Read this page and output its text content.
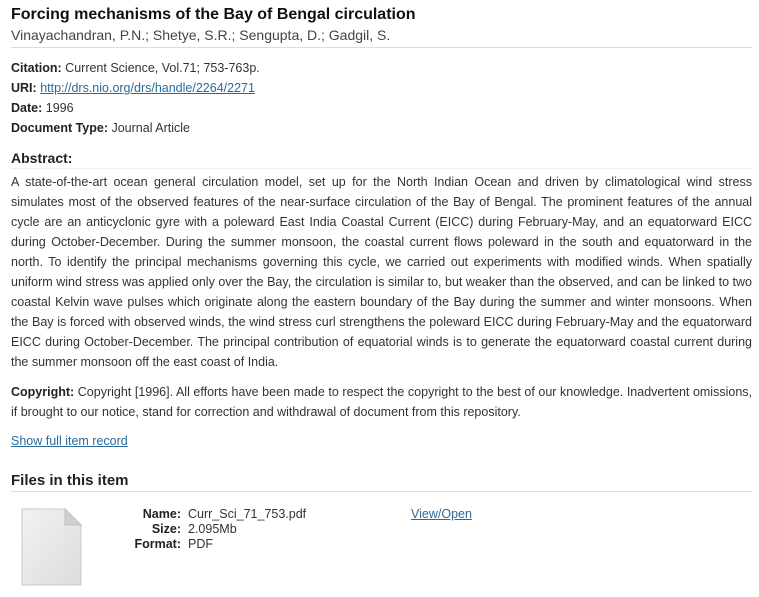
Forcing mechanisms of the Bay of Bengal circulation
Vinayachandran, P.N.; Shetye, S.R.; Sengupta, D.; Gadgil, S.
Citation: Current Science, Vol.71; 753-763p.
URI: http://drs.nio.org/drs/handle/2264/2271
Date: 1996
Document Type: Journal Article
Abstract:

A state-of-the-art ocean general circulation model, set up for the North Indian Ocean and driven by climatological wind stress simulates most of the observed features of the near-surface circulation of the Bay of Bengal. The prominent features of the annual cycle are an anticyclonic gyre with a poleward East India Coastal Current (EICC) during February-May, and an equatorward EICC during October-December. During the summer monsoon, the coastal current flows poleward in the south and equatorward in the north. To identify the principal mechanisms governing this cycle, we carried out experiments with modified winds. When spatially uniform wind stress was applied only over the Bay, the circulation is similar to, but weaker than the observed, and can be linked to two coastal Kelvin wave pulses which originate along the eastern boundary of the Bay during the summer and winter monsoons. When the Bay is forced with observed winds, the wind stress curl strengthens the poleward EICC during February-May and the equatorward EICC during October-December. The principal contribution of equatorial winds is to generate the equatorward coastal current during the summer monsoon off the east coast of India.

Copyright: Copyright [1996]. All efforts have been made to respect the copyright to the best of our knowledge. Inadvertent omissions, if brought to our notice, stand for correction and withdrawal of document from this repository.

Show full item record
Files in this item
Name: Curr_Sci_71_753.pdf
Size: 2.095Mb
Format: PDF
View/Open
